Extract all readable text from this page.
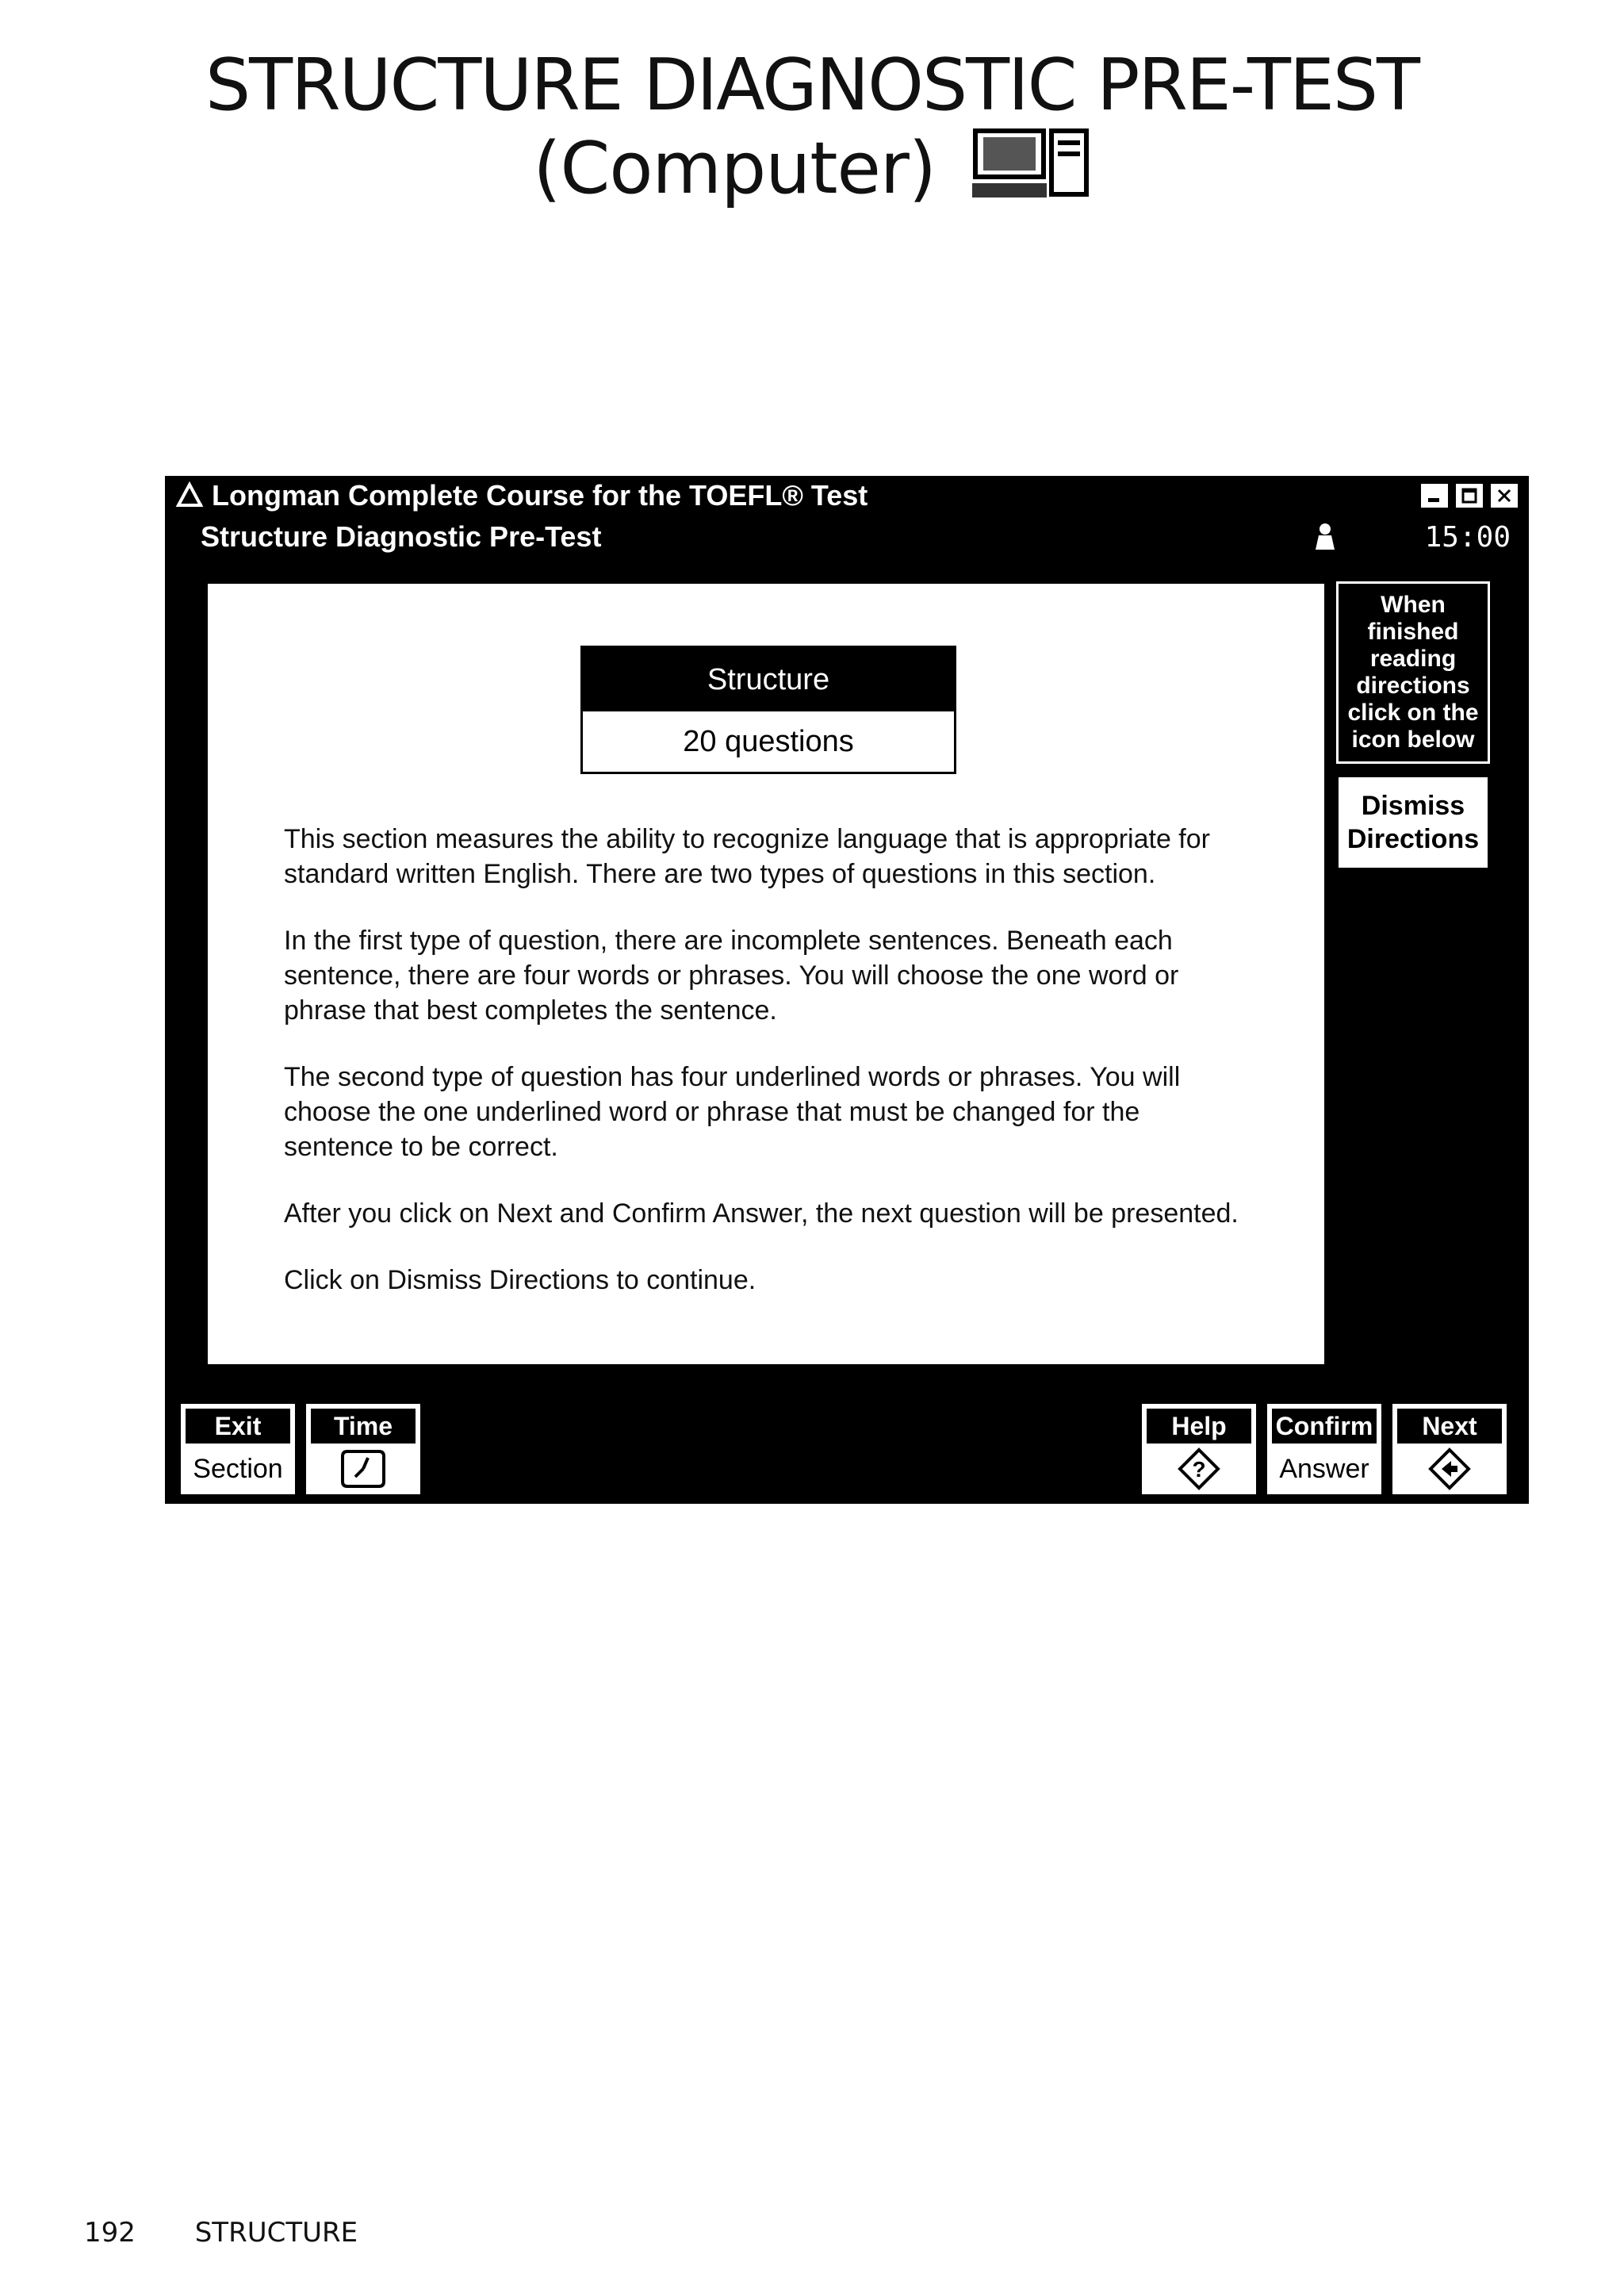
STRUCTURE DIAGNOSTIC PRE-TEST
(Computer)
Longman Complete Course for the TOEFL® Test
Structure Diagnostic Pre-Test	15:00
Structure
20 questions

This section measures the ability to recognize language that is appropriate for standard written English. There are two types of questions in this section.

In the first type of question, there are incomplete sentences. Beneath each sentence, there are four words or phrases. You will choose the one word or phrase that best completes the sentence.

The second type of question has four underlined words or phrases. You will choose the one underlined word or phrase that must be changed for the sentence to be correct.

After you click on Next and Confirm Answer, the next question will be presented.

Click on Dismiss Directions to continue.

When
finished
reading
directions
click on the
icon below
Dismiss
Directions
Exit
Section
Time	Help
?
Confirm
Answer
Next
192 STRUCTURE
